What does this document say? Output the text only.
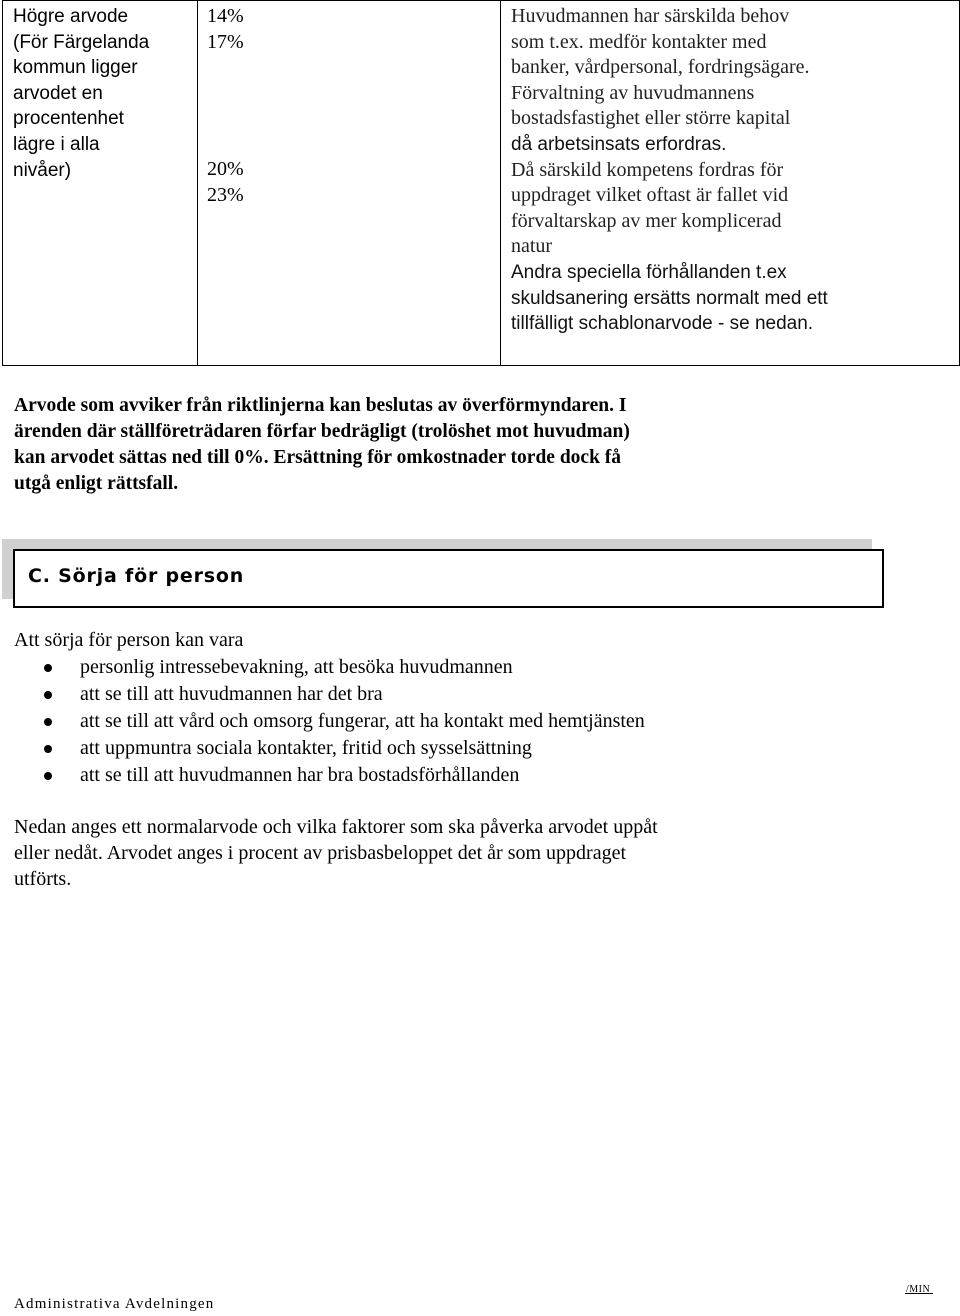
Högre arvode
(För Färgelanda
kommun ligger
arvodet en
procentenhet
lägre i alla
nivåer)
14%
17%
20%
23%
Huvudmannen har särskilda behov
som t.ex. medför kontakter med
banker, vårdpersonal, fordringsägare.
Förvaltning av huvudmannens
bostadsfastighet eller större kapital
då arbetsinsats erfordras.
Då särskild kompetens fordras för
uppdraget vilket oftast är fallet vid
förvaltarskap av mer komplicerad
natur
Andra speciella förhållanden t.ex
skuldsanering ersätts normalt med ett
tillfälligt schablonarvode - se nedan.
Arvode som avviker från riktlinjerna kan beslutas av överförmyndaren. I
ärenden där ställföreträdaren förfar bedrägligt (trolöshet mot huvudman)
kan arvodet sättas ned till 0%. Ersättning för omkostnader torde dock få
utgå enligt rättsfall.
C. Sörja för person
Att sörja för person kan vara
personlig intressebevakning, att besöka huvudmannen
att se till att huvudmannen har det bra
att se till att vård och omsorg fungerar, att ha kontakt med hemtjänsten
att uppmuntra sociala kontakter, fritid och sysselsättning
att se till att huvudmannen har bra bostadsförhållanden
Nedan anges ett normalarvode och vilka faktorer som ska påverka arvodet uppåt
eller nedåt. Arvodet anges i procent av prisbasbeloppet det år som uppdraget
utförts.
/MIN
Administrativa Avdelningen
